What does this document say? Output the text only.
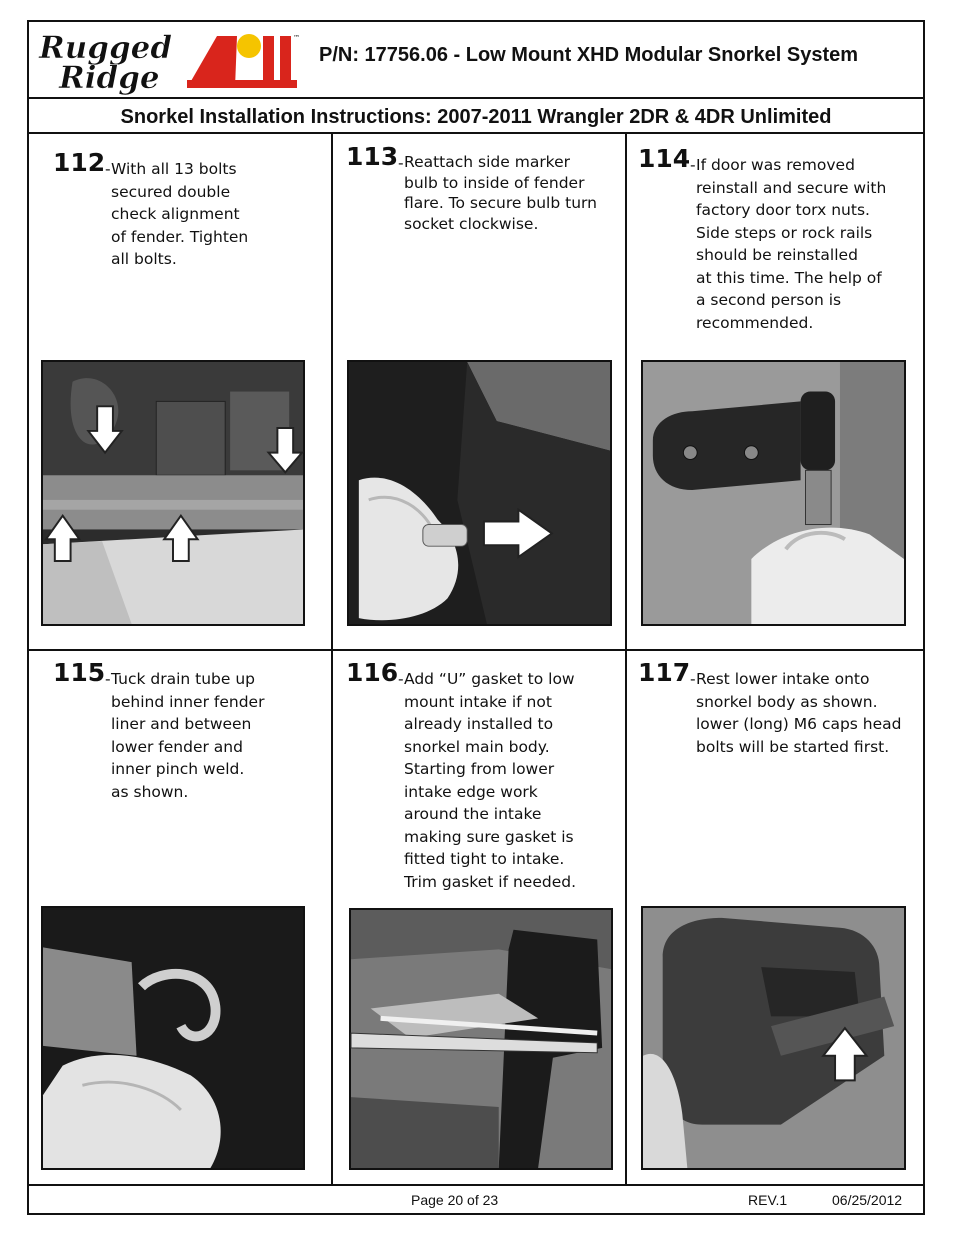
Rugged
Ridge
™
P/N: 17756.06 - Low Mount XHD Modular Snorkel System
Snorkel Installation Instructions: 2007-2011 Wrangler 2DR & 4DR Unlimited
112 - With all 13 bolts
secured double
check alignment
of fender. Tighten
all bolts.
113 - Reattach side marker
bulb to inside of fender
flare. To secure bulb turn
socket clockwise.
114 - If door was removed
reinstall and secure with
factory door torx nuts.
Side steps or rock rails
should be reinstalled
at this time. The help of
a second person is
recommended.
115 - Tuck drain tube up
behind inner fender
liner and between
lower fender and
inner pinch weld.
as shown.
116 - Add “U” gasket to low
mount intake if not
already installed to
snorkel main body.
Starting from lower
intake edge work
around the intake
making sure gasket is
fitted tight to intake.
Trim gasket if needed.
117 - Rest lower intake onto
snorkel body as shown.
lower (long) M6 caps head
bolts will be started first.
Page 20 of 23	REV.1	06/25/2012
